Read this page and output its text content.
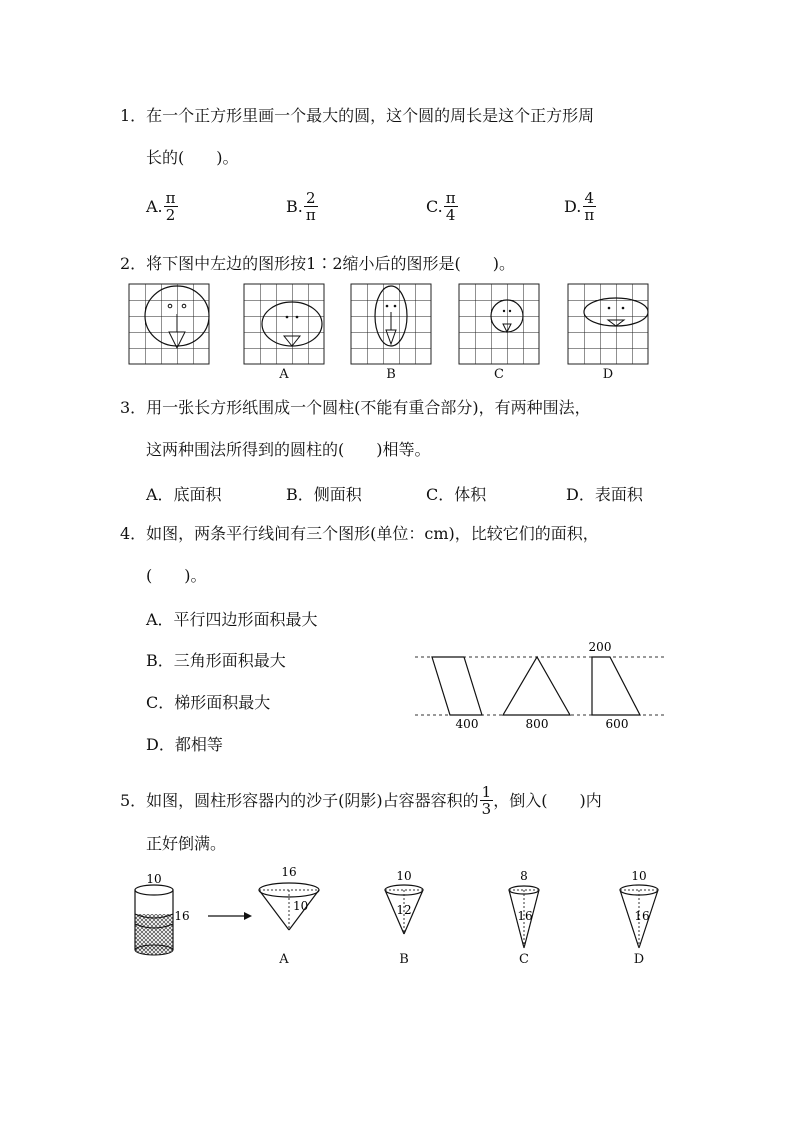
1．在一个正方形里画一个最大的圆，这个圆的周长是这个正方形周
长的(　　)。
A. $\frac{\pi}{2}$	B. $\frac{2}{\pi}$	C. $\frac{\pi}{4}$	D. $\frac{4}{\pi}$
2．将下图中左边的图形按1∶2缩小后的图形是(　　)。
A	B	C	D
3．用一张长方形纸围成一个圆柱(不能有重合部分)，有两种围法，
这两种围法所得到的圆柱的(　　)相等。
A．底面积	B．侧面积	C．体积	D．表面积
4．如图，两条平行线间有三个图形(单位：cm)，比较它们的面积，
(　　)。
A．平行四边形面积最大
B．三角形面积最大
C．梯形面积最大
D．都相等
200
400	800	600
5．如图，圆柱形容器内的沙子(阴影)占容器容积的 $\frac{1}{3}$ ，倒入(　　)内
正好倒满。
10
16
16
10
10
12
8
16
10
16
A	B	C	D
